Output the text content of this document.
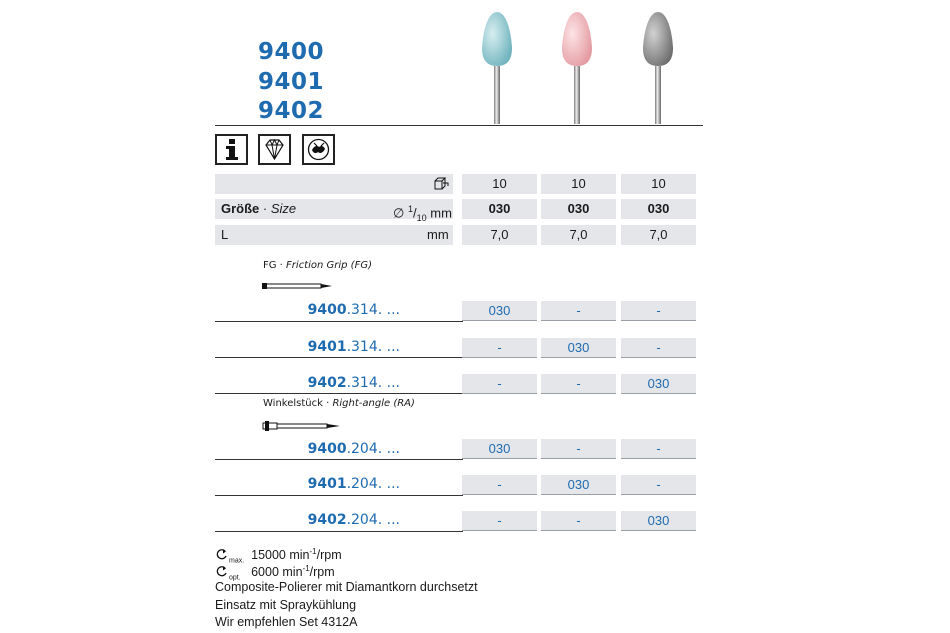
9400
9401
9402
10	10	10
Größe · Size	∅ $^1/_{10}$ mm	030	030	030
L	mm	7,0	7,0	7,0
FG · Friction Grip (FG)
9400.314. ...	030	-	-
9401.314. ...	-	030	-
9402.314. ...	-	-	030
Winkelstück · Right-angle (RA)
9400.204. ...	030	-	-
9401.204. ...	-	030	-
9402.204. ...	-	-	030
$_{max.}$ 15000 $\min^{-1}$/rpm
$_{opt.}$ 6000 $\min^{-1}$/rpm
Composite-Polierer mit Diamantkorn durchsetzt
Einsatz mit Spraykühlung
Wir empfehlen Set 4312A
